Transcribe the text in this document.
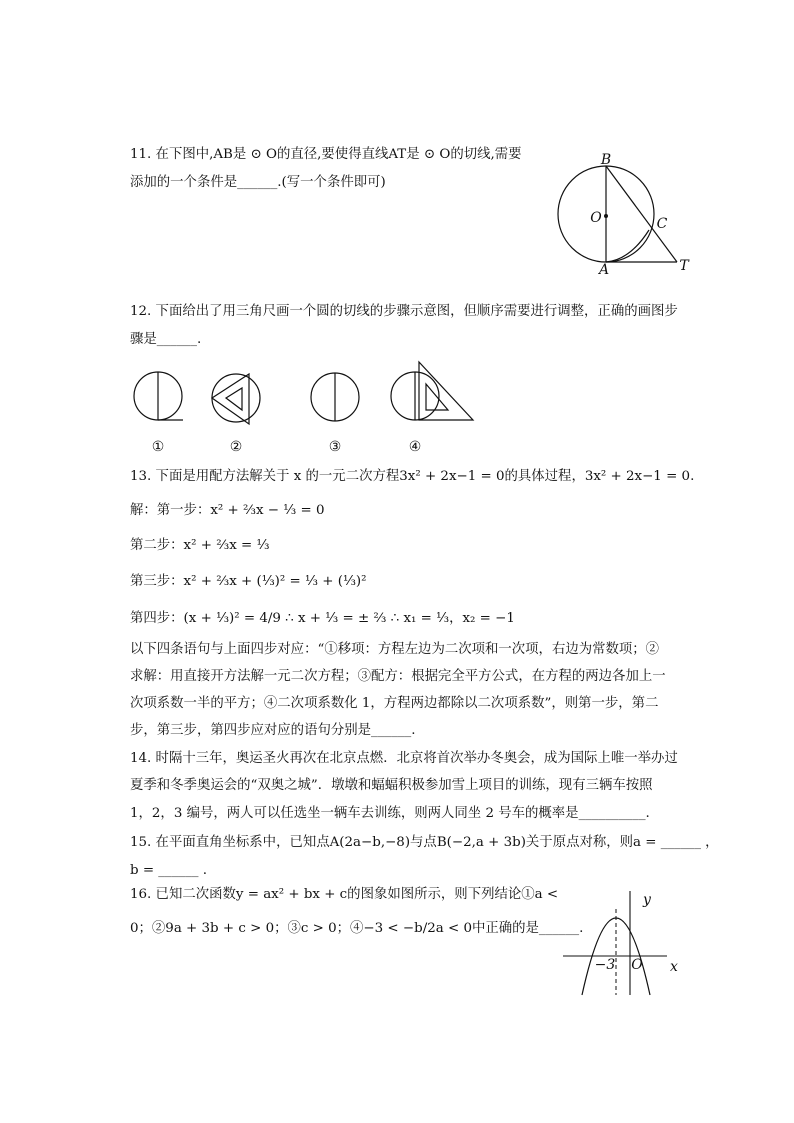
11. 在下图中,AB是 ⊙ O的直径,要使得直线AT是 ⊙ O的切线,需要
添加的一个条件是______.(写一个条件即可)
B
O	C
A	T
12. 下面给出了用三角尺画一个圆的切线的步骤示意图，但顺序需要进行调整，正确的画图步
骤是______.
①	②	③	④
13. 下面是用配方法解关于 x 的一元二次方程3x² + 2x−1 = 0的具体过程，3x² + 2x−1 = 0.
解：第一步：x² + ⅔x − ⅓ = 0
第二步：x² + ⅔x = ⅓
第三步：x² + ⅔x + (⅓)² = ⅓ + (⅓)²
第四步：(x + ⅓)² = 4/9 ∴ x + ⅓ = ± ⅔ ∴ x₁ = ⅓，x₂ = −1
以下四条语句与上面四步对应：“①移项：方程左边为二次项和一次项，右边为常数项；②
求解：用直接开方法解一元二次方程；③配方：根据完全平方公式，在方程的两边各加上一
次项系数一半的平方；④二次项系数化 1，方程两边都除以二次项系数”，则第一步，第二
步，第三步，第四步应对应的语句分别是______.
14. 时隔十三年，奥运圣火再次在北京点燃．北京将首次举办冬奥会，成为国际上唯一举办过
夏季和冬季奥运会的“双奥之城”．墩墩和蝠蝠积极参加雪上项目的训练，现有三辆车按照
1，2，3 编号，两人可以任选坐一辆车去训练，则两人同坐 2 号车的概率是__________.
15. 在平面直角坐标系中，已知点A(2a−b,−8)与点B(−2,a + 3b)关于原点对称，则a = ______ ，
b = ______ .
16. 已知二次函数y = ax² + bx + c的图象如图所示，则下列结论①a <
0；②9a + 3b + c > 0；③c > 0；④−3 < −b/2a < 0中正确的是______.
y
x
O
−3
